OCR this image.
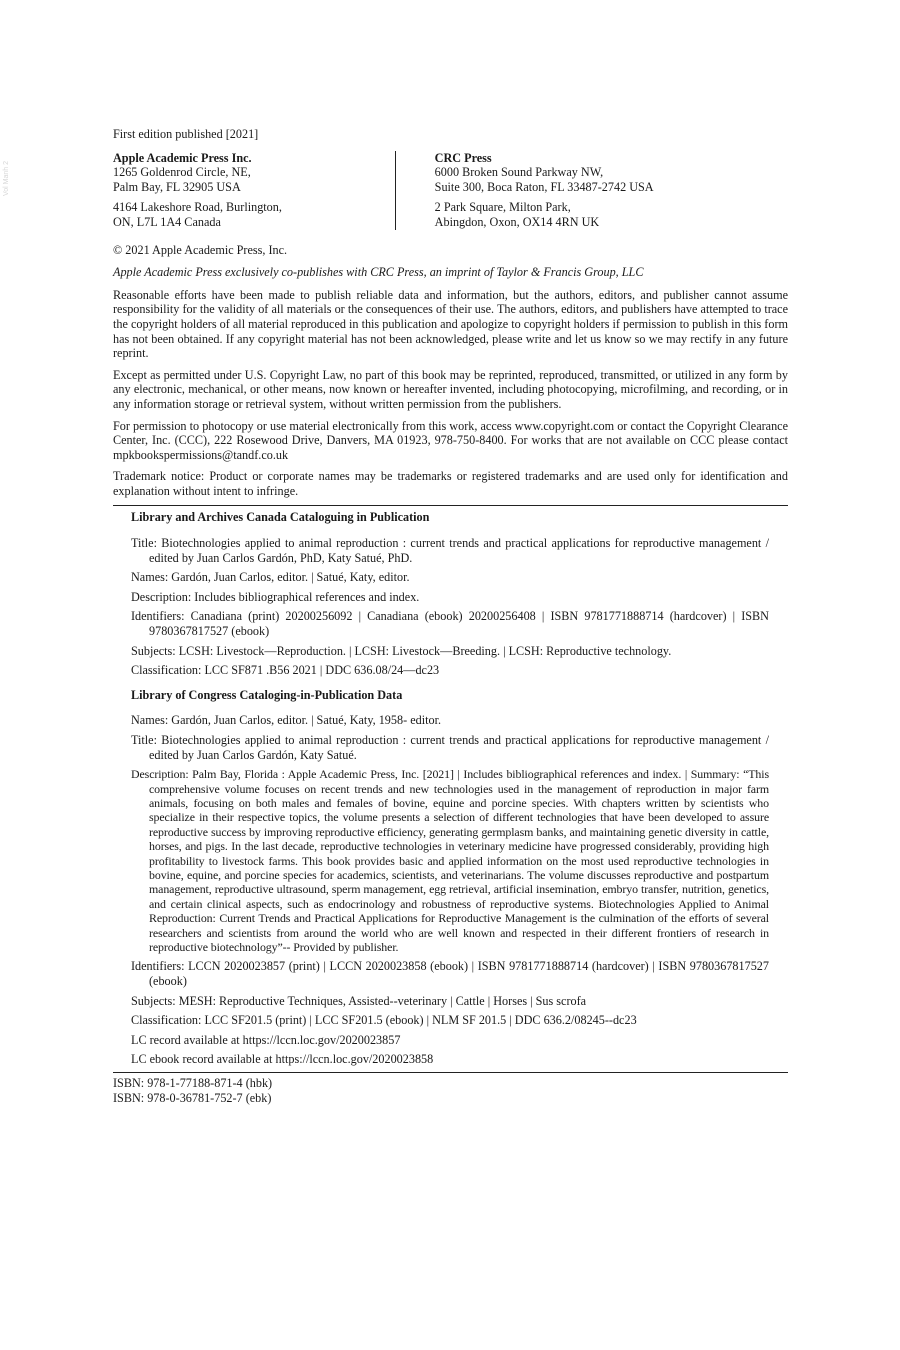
Vol Manh 2

First edition published [2021]

Apple Academic Press Inc.
1265 Goldenrod Circle, NE,
Palm Bay, FL 32905 USA
4164 Lakeshore Road, Burlington,
ON, L7L 1A4 Canada
CRC Press
6000 Broken Sound Parkway NW,
Suite 300, Boca Raton, FL 33487-2742 USA
2 Park Square, Milton Park,
Abingdon, Oxon, OX14 4RN UK

© 2021 Apple Academic Press, Inc.

Apple Academic Press exclusively co-publishes with CRC Press, an imprint of Taylor & Francis Group, LLC

Reasonable efforts have been made to publish reliable data and information, but the authors, editors, and publisher cannot assume responsibility for the validity of all materials or the consequences of their use. The authors, editors, and publishers have attempted to trace the copyright holders of all material reproduced in this publication and apologize to copyright holders if permission to publish in this form has not been obtained. If any copyright material has not been acknowledged, please write and let us know so we may rectify in any future reprint.

Except as permitted under U.S. Copyright Law, no part of this book may be reprinted, reproduced, transmitted, or utilized in any form by any electronic, mechanical, or other means, now known or hereafter invented, including photocopying, microfilming, and recording, or in any information storage or retrieval system, without written permission from the publishers.

For permission to photocopy or use material electronically from this work, access www.copyright.com or contact the Copyright Clearance Center, Inc. (CCC), 222 Rosewood Drive, Danvers, MA 01923, 978-750-8400. For works that are not available on CCC please contact mpkbookspermissions@tandf.co.uk

Trademark notice: Product or corporate names may be trademarks or registered trademarks and are used only for identification and explanation without intent to infringe.

Library and Archives Canada Cataloguing in Publication
Title: Biotechnologies applied to animal reproduction : current trends and practical applications for reproductive management / edited by Juan Carlos Gardón, PhD, Katy Satué, PhD.
Names: Gardón, Juan Carlos, editor. | Satué, Katy, editor.
Description: Includes bibliographical references and index.
Identifiers: Canadiana (print) 20200256092 | Canadiana (ebook) 20200256408 | ISBN 9781771888714 (hardcover) | ISBN 9780367817527 (ebook)
Subjects: LCSH: Livestock—Reproduction. | LCSH: Livestock—Breeding. | LCSH: Reproductive technology.
Classification: LCC SF871 .B56 2021 | DDC 636.08/24—dc23
Library of Congress Cataloging-in-Publication Data
Names: Gardón, Juan Carlos, editor. | Satué, Katy, 1958- editor.
Title: Biotechnologies applied to animal reproduction : current trends and practical applications for reproductive management / edited by Juan Carlos Gardón, Katy Satué.
Description: Palm Bay, Florida : Apple Academic Press, Inc. [2021] | Includes bibliographical references and index. | Summary: “This comprehensive volume focuses on recent trends and new technologies used in the management of reproduction in major farm animals, focusing on both males and females of bovine, equine and porcine species. With chapters written by scientists who specialize in their respective topics, the volume presents a selection of different technologies that have been developed to assure reproductive success by improving reproductive efficiency, generating germplasm banks, and maintaining genetic diversity in cattle, horses, and pigs. In the last decade, reproductive technologies in veterinary medicine have progressed considerably, providing high profitability to livestock farms. This book provides basic and applied information on the most used reproductive technologies in bovine, equine, and porcine species for academics, scientists, and veterinarians. The volume discusses reproductive and postpartum management, reproductive ultrasound, sperm management, egg retrieval, artificial insemination, embryo transfer, nutrition, genetics, and certain clinical aspects, such as endocrinology and robustness of reproductive systems. Biotechnologies Applied to Animal Reproduction: Current Trends and Practical Applications for Reproductive Management is the culmination of the efforts of several researchers and scientists from around the world who are well known and respected in their different frontiers of research in reproductive biotechnology”-- Provided by publisher.
Identifiers: LCCN 2020023857 (print) | LCCN 2020023858 (ebook) | ISBN 9781771888714 (hardcover) | ISBN 9780367817527 (ebook)
Subjects: MESH: Reproductive Techniques, Assisted--veterinary | Cattle | Horses | Sus scrofa
Classification: LCC SF201.5 (print) | LCC SF201.5 (ebook) | NLM SF 201.5 | DDC 636.2/08245--dc23
LC record available at https://lccn.loc.gov/2020023857
LC ebook record available at https://lccn.loc.gov/2020023858
ISBN: 978-1-77188-871-4 (hbk)
ISBN: 978-0-36781-752-7 (ebk)
